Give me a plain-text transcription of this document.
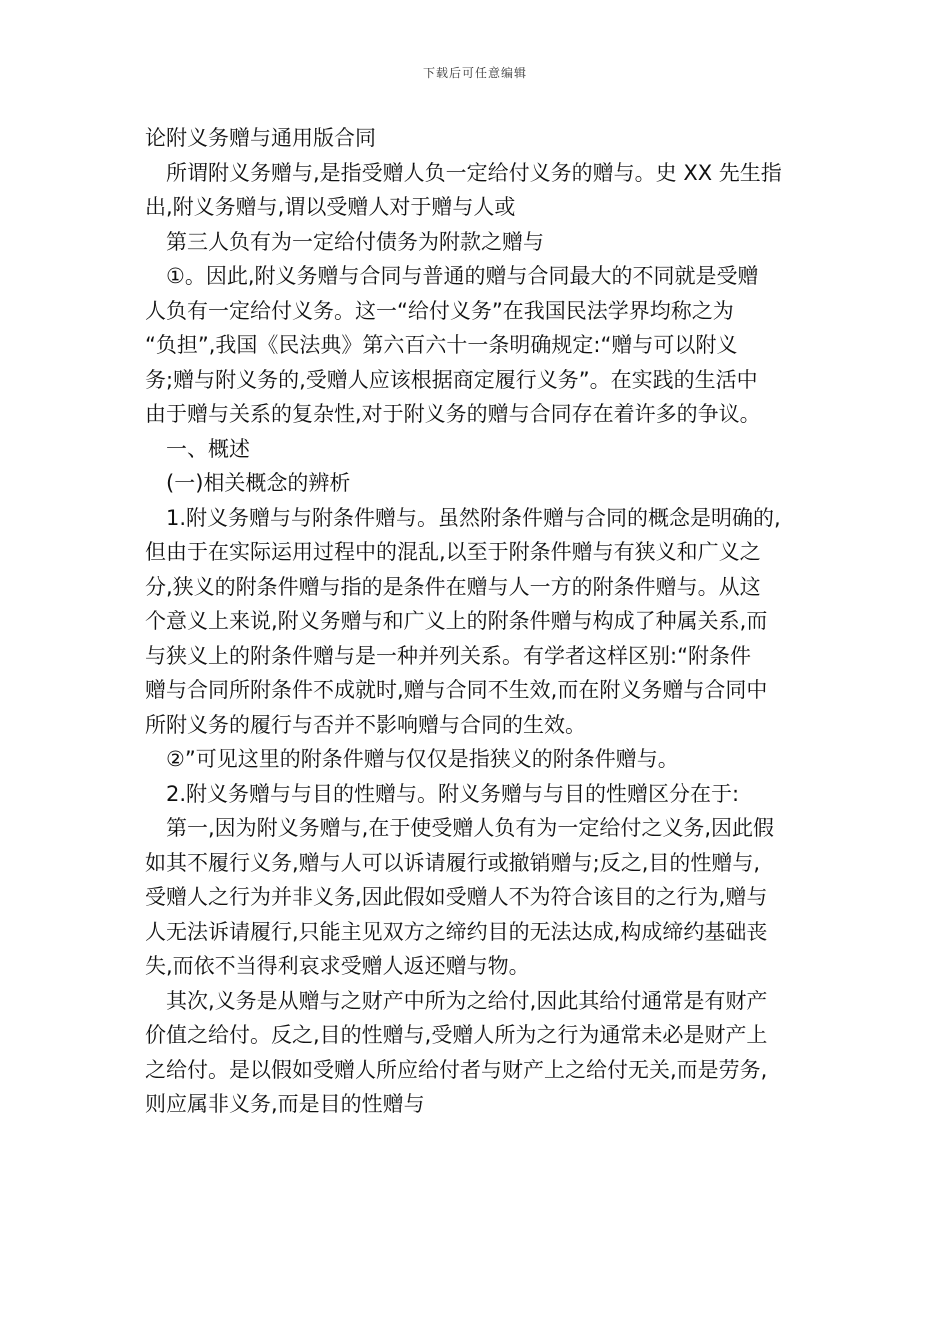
下载后可任意编辑

论附义务赠与通用版合同

所谓附义务赠与,是指受赠人负一定给付义务的赠与。史 XX 先生指

出,附义务赠与,谓以受赠人对于赠与人或

第三人负有为一定给付债务为附款之赠与

①。因此,附义务赠与合同与普通的赠与合同最大的不同就是受赠

人负有一定给付义务。这一“给付义务”在我国民法学界均称之为

“负担”,我国《民法典》第六百六十一条明确规定:“赠与可以附义

务;赠与附义务的,受赠人应该根据商定履行义务”。在实践的生活中

由于赠与关系的复杂性,对于附义务的赠与合同存在着许多的争议。

一、概述

(一)相关概念的辨析

1.附义务赠与与附条件赠与。虽然附条件赠与合同的概念是明确的,

但由于在实际运用过程中的混乱,以至于附条件赠与有狭义和广义之

分,狭义的附条件赠与指的是条件在赠与人一方的附条件赠与。从这

个意义上来说,附义务赠与和广义上的附条件赠与构成了种属关系,而

与狭义上的附条件赠与是一种并列关系。有学者这样区别:“附条件

赠与合同所附条件不成就时,赠与合同不生效,而在附义务赠与合同中

所附义务的履行与否并不影响赠与合同的生效。

②”可见这里的附条件赠与仅仅是指狭义的附条件赠与。

2.附义务赠与与目的性赠与。附义务赠与与目的性赠区分在于:

第一,因为附义务赠与,在于使受赠人负有为一定给付之义务,因此假

如其不履行义务,赠与人可以诉请履行或撤销赠与;反之,目的性赠与,

受赠人之行为并非义务,因此假如受赠人不为符合该目的之行为,赠与

人无法诉请履行,只能主见双方之缔约目的无法达成,构成缔约基础丧

失,而依不当得利哀求受赠人返还赠与物。

其次,义务是从赠与之财产中所为之给付,因此其给付通常是有财产

价值之给付。反之,目的性赠与,受赠人所为之行为通常未必是财产上

之给付。是以假如受赠人所应给付者与财产上之给付无关,而是劳务,

则应属非义务,而是目的性赠与
